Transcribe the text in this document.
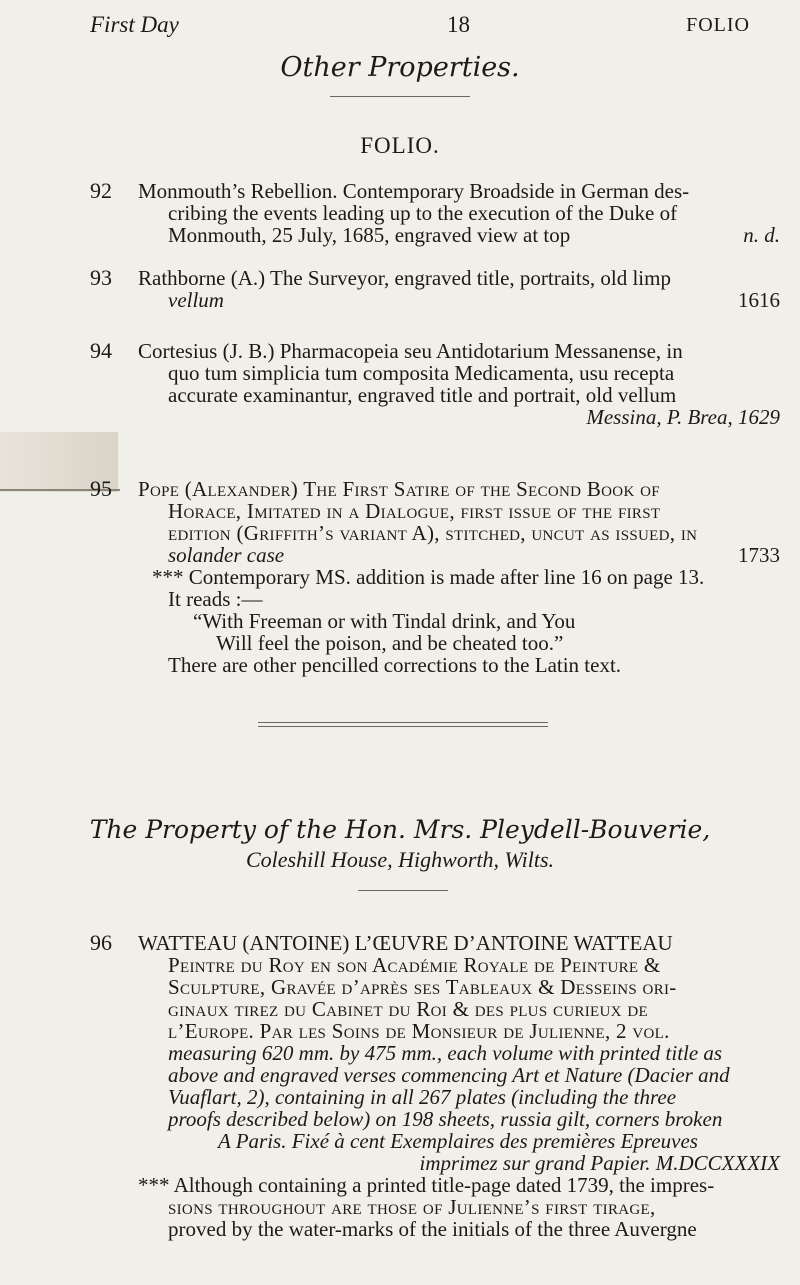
First Day	18	FOLIO
Other Properties.
FOLIO.
92	Monmouth’s Rebellion. Contemporary Broadside in German des-
cribing the events leading up to the execution of the Duke of
Monmouth, 25 July, 1685, engraved view at top	n. d.
93	Rathborne (A.) The Surveyor, engraved title, portraits, old limp
vellum	1616
94	Cortesius (J. B.) Pharmacopeia seu Antidotarium Messanense, in
quo tum simplicia tum composita Medicamenta, usu recepta
accurate examinantur, engraved title and portrait, old vellum
Messina, P. Brea, 1629
95	Pope (Alexander) The First Satire of the Second Book of
Horace, Imitated in a Dialogue, first issue of the first
edition (Griffith’s variant A), stitched, uncut as issued, in
solander case	1733
*** Contemporary MS. addition is made after line 16 on page 13.
It reads :—
“With Freeman or with Tindal drink, and You
Will feel the poison, and be cheated too.”
There are other pencilled corrections to the Latin text.
The Property of the Hon. Mrs. Pleydell-Bouverie,
Coleshill House, Highworth, Wilts.
96	WATTEAU (ANTOINE) L’ŒUVRE D’ANTOINE WATTEAU
Peintre du Roy en son Académie Royale de Peinture &
Sculpture, Gravée d’après ses Tableaux & Desseins ori-
ginaux tirez du Cabinet du Roi & des plus curieux de
l’Europe. Par les Soins de Monsieur de Julienne, 2 vol.
measuring 620 mm. by 475 mm., each volume with printed title as
above and engraved verses commencing Art et Nature (Dacier and
Vuaflart, 2), containing in all 267 plates (including the three
proofs described below) on 198 sheets, russia gilt, corners broken
A Paris. Fixé à cent Exemplaires des premières Epreuves
imprimez sur grand Papier. M.DCCXXXIX
*** Although containing a printed title-page dated 1739, the impres-
sions throughout are those of Julienne’s first tirage,
proved by the water-marks of the initials of the three Auvergne
